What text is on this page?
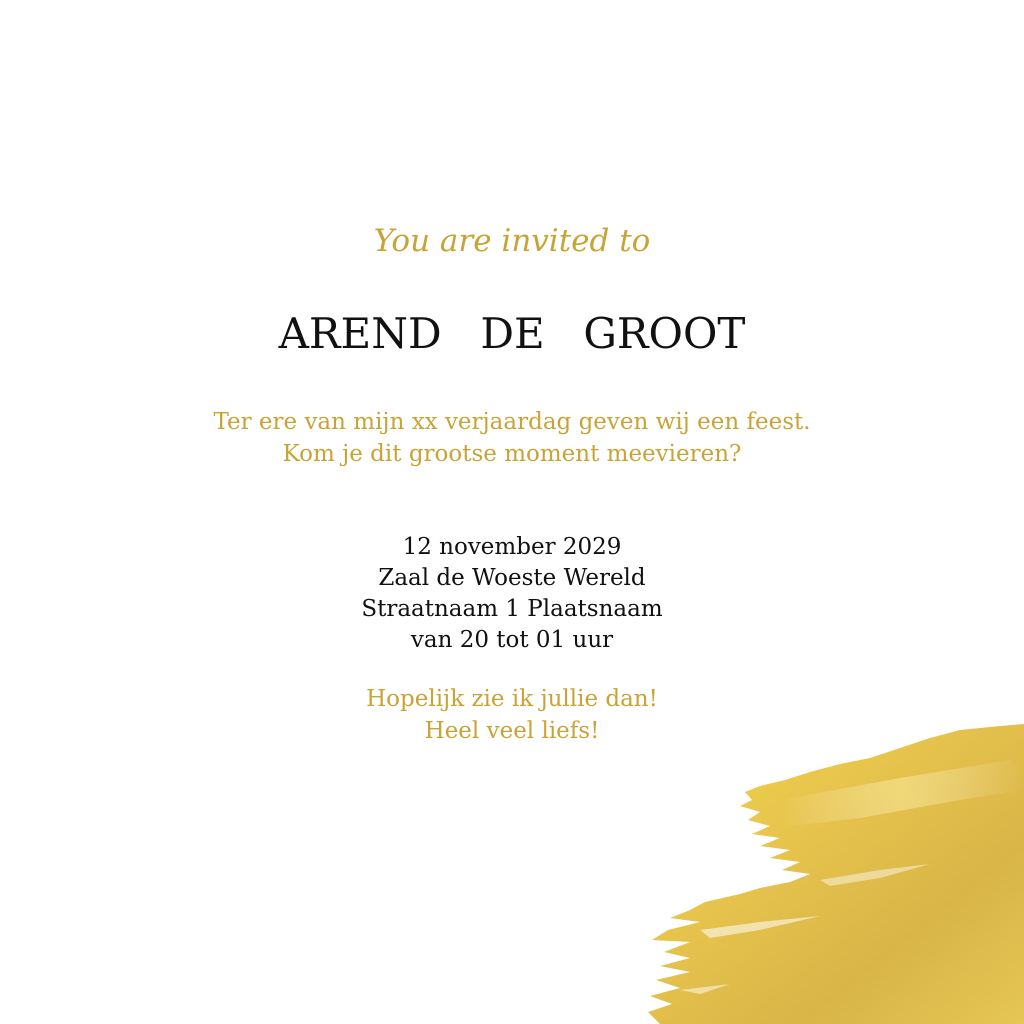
You are invited to
AREND  DE  GROOT
Ter ere van mijn xx verjaardag geven wij een feest.
Kom je dit grootse moment meevieren?
12 november 2029
Zaal de Woeste Wereld
Straatnaam 1 Plaatsnaam
van 20 tot 01 uur
Hopelijk zie ik jullie dan!
Heel veel liefs!
